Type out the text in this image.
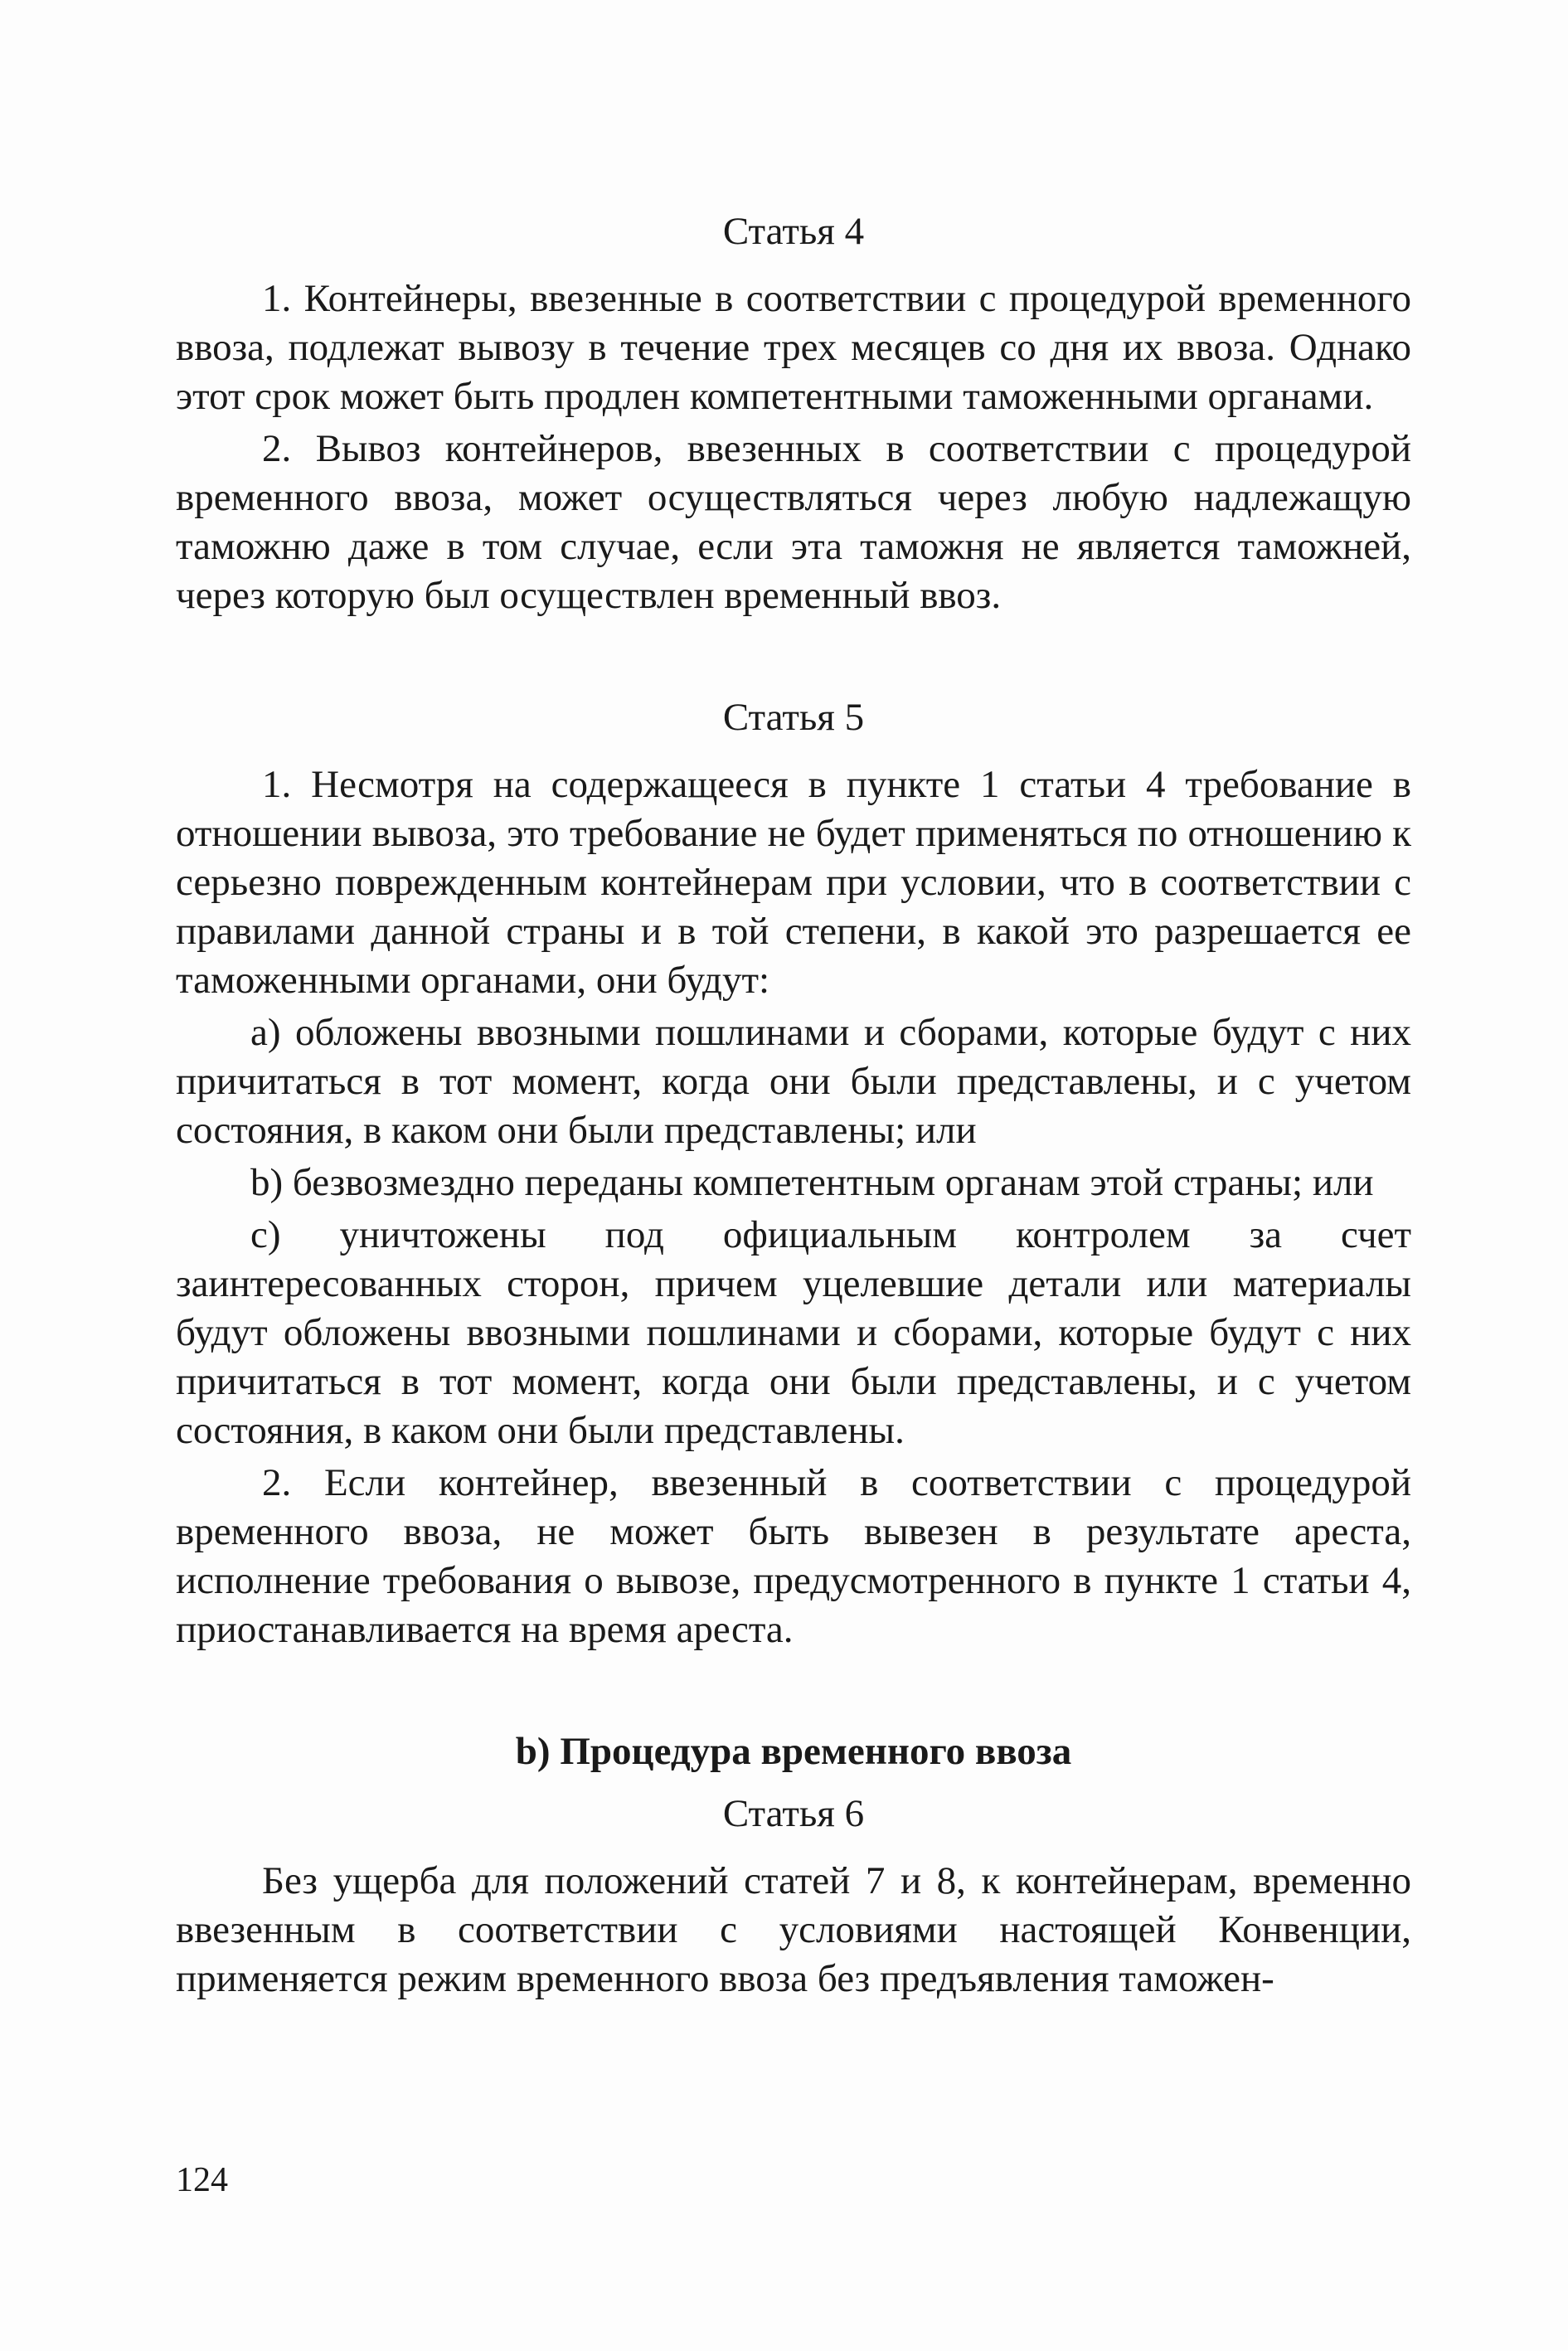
Статья 4

1. Контейнеры, ввезенные в соответствии с процедурой временного ввоза, подлежат вывозу в течение трех месяцев со дня их ввоза. Однако этот срок может быть продлен компетентными таможенными органами.

2. Вывоз контейнеров, ввезенных в соответствии с процедурой временного ввоза, может осуществляться через любую надлежащую таможню даже в том случае, если эта таможня не является таможней, через которую был осуществлен временный ввоз.

Статья 5

1. Несмотря на содержащееся в пункте 1 статьи 4 требование в отношении вывоза, это требование не будет применяться по отношению к серьезно поврежденным контейнерам при условии, что в соответствии с правилами данной страны и в той степени, в какой это разрешается ее таможенными органами, они будут:

a) обложены ввозными пошлинами и сборами, которые будут с них причитаться в тот момент, когда они были представлены, и с учетом состояния, в каком они были представлены; или

b) безвозмездно переданы компетентным органам этой страны; или

c) уничтожены под официальным контролем за счет заинтересованных сторон, причем уцелевшие детали или материалы будут обложены ввозными пошлинами и сборами, которые будут с них причитаться в тот момент, когда они были представлены, и с учетом состояния, в каком они были представлены.

2. Если контейнер, ввезенный в соответствии с процедурой временного ввоза, не может быть вывезен в результате ареста, исполнение требования о вывозе, предусмотренного в пункте 1 статьи 4, приостанавливается на время ареста.

b) Процедура временного ввоза
Статья 6

Без ущерба для положений статей 7 и 8, к контейнерам, временно ввезенным в соответствии с условиями настоящей Конвенции, применяется режим временного ввоза без предъявления таможен-

124
